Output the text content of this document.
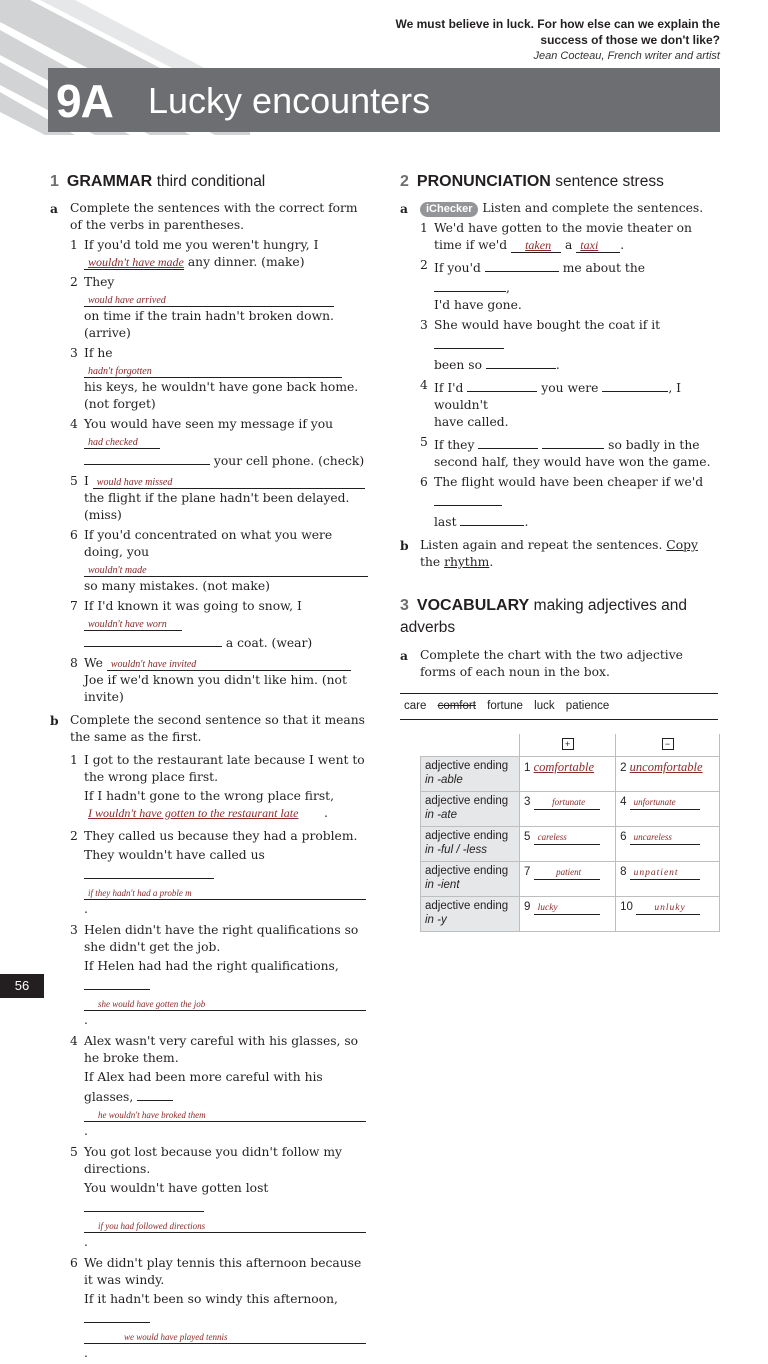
We must believe in luck. For how else can we explain the success of those we don't like?
Jean Cocteau, French writer and artist
9A Lucky encounters
1 GRAMMAR third conditional
a Complete the sentences with the correct form of the verbs in parentheses.
1 If you'd told me you weren't hungry, I wouldn't have made any dinner. (make)
2 They would have arrived
on time if the train hadn't broken down. (arrive)
3 If he hadn't forgotten
his keys, he wouldn't have gone back home. (not forget)
4 You would have seen my message if you had checked
your cell phone. (check)
5 I would have missed
the flight if the plane hadn't been delayed. (miss)
6 If you'd concentrated on what you were doing, you
wouldn't made
so many mistakes. (not make)
7 If I'd known it was going to snow, I wouldn't have worn
a coat. (wear)
8 We wouldn't have invited Joe if we'd known you didn't like him. (not invite)
b Complete the second sentence so that it means the same as the first.
1 I got to the restaurant late because I went to the wrong place first.
If I hadn't gone to the wrong place first, I wouldn't have gotten to the restaurant late .
2 They called us because they had a problem.
They wouldn't have called us
if they hadn't had a proble m.
3 Helen didn't have the right qualifications so she didn't get the job.
If Helen had had the right qualifications,
she would have gotten the job.
4 Alex wasn't very careful with his glasses, so he broke them.
If Alex had been more careful with his glasses,
he wouldn't have broked them.
5 You got lost because you didn't follow my directions.
You wouldn't have gotten lost
if you had followed directions.
6 We didn't play tennis this afternoon because it was windy.
If it hadn't been so windy this afternoon,
we would have played tennis.
2 PRONUNCIATION sentence stress
a	iChecker Listen and complete the sentences.
1 We'd have gotten to the movie theater on time if we'd taken a taxi .
2 If you'd	me about the ,
I'd have gone.
3 She would have bought the coat if it
been so	.
4 If I'd	you were	, I wouldn't
have called.
5 If they	so badly in the
second half, they would have won the game.
6 The flight would have been cheaper if we'd
last	.
b Listen again and repeat the sentences. Copy the rhythm.
3 VOCABULARY making adjectives and adverbs
a Complete the chart with the two adjective forms of each noun in the box.
care comfort fortune luck patience
	+	−
adjective ending
in -able	1 comfortable	2 uncomfortable
adjective ending
in -ate	3 fortunate	4 unfortunate
adjective ending
in -ful / -less	5 careless	6 uncareless
adjective ending
in -ient	7 patient	8 unpatient
adjective ending
in -y	9 lucky	10 unluky
56
